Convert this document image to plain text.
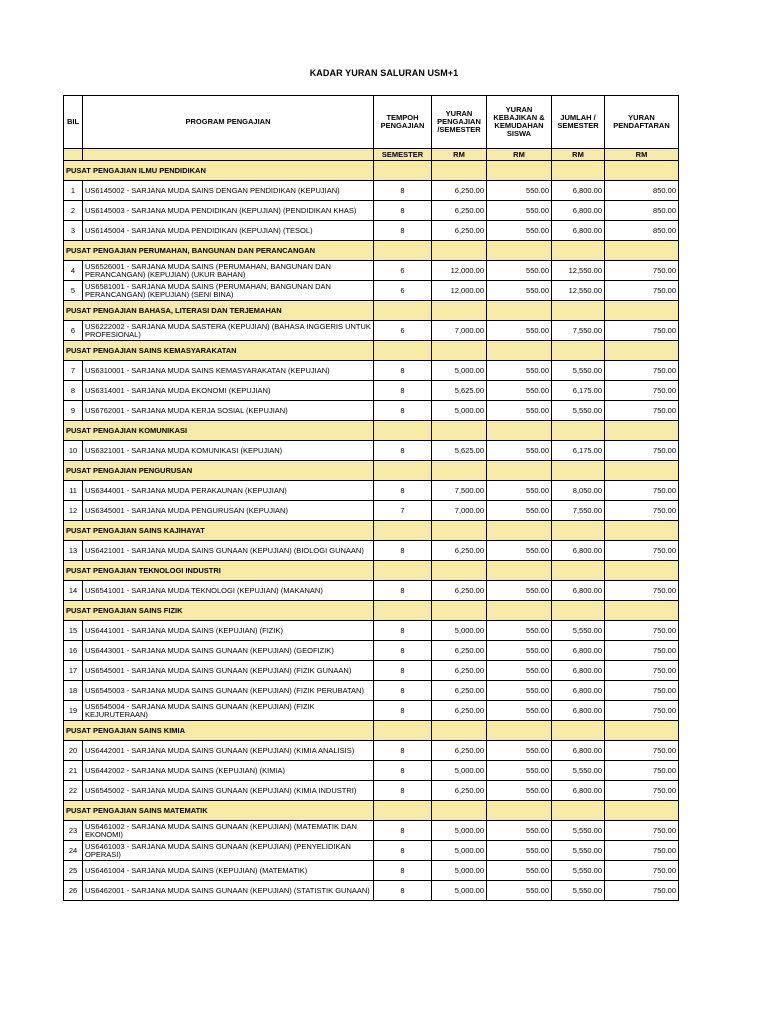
KADAR YURAN SALURAN USM+1
BIL	PROGRAM PENGAJIAN	TEMPOH PENGAJIAN	YURAN PENGAJIAN /SEMESTER	YURAN KEBAJIKAN & KEMUDAHAN SISWA	JUMLAH / SEMESTER	YURAN PENDAFTARAN
		SEMESTER	RM	RM	RM	RM
PUSAT PENGAJIAN ILMU PENDIDIKAN						
1	US6145002 - SARJANA MUDA SAINS DENGAN PENDIDIKAN (KEPUJIAN)	8	6,250.00	550.00	6,800.00	850.00
2	US6145003 - SARJANA MUDA PENDIDIKAN (KEPUJIAN) (PENDIDIKAN KHAS)	8	6,250.00	550.00	6,800.00	850.00
3	US6145004 - SARJANA MUDA PENDIDIKAN (KEPUJIAN) (TESOL)	8	6,250.00	550.00	6,800.00	850.00
PUSAT PENGAJIAN PERUMAHAN, BANGUNAN DAN PERANCANGAN						
4	US6526001 - SARJANA MUDA SAINS (PERUMAHAN, BANGUNAN DAN PERANCANGAN) (KEPUJIAN) (UKUR BAHAN)	6	12,000.00	550.00	12,550.00	750.00
5	US6581001 - SARJANA MUDA SAINS (PERUMAHAN, BANGUNAN DAN PERANCANGAN) (KEPUJIAN) (SENI BINA)	6	12,000.00	550.00	12,550.00	750.00
PUSAT PENGAJIAN BAHASA, LITERASI DAN TERJEMAHAN						
6	US6222002 - SARJANA MUDA SASTERA (KEPUJIAN) (BAHASA INGGERIS UNTUK PROFESIONAL)	6	7,000.00	550.00	7,550.00	750.00
PUSAT PENGAJIAN SAINS KEMASYARAKATAN						
7	US6310001 - SARJANA MUDA SAINS KEMASYARAKATAN (KEPUJIAN)	8	5,000.00	550.00	5,550.00	750.00
8	US6314001 - SARJANA MUDA EKONOMI (KEPUJIAN)	8	5,625.00	550.00	6,175.00	750.00
9	US6762001 - SARJANA MUDA KERJA SOSIAL (KEPUJIAN)	8	5,000.00	550.00	5,550.00	750.00
PUSAT PENGAJIAN KOMUNIKASI						
10	US6321001 - SARJANA MUDA KOMUNIKASI (KEPUJIAN)	8	5,625.00	550.00	6,175.00	750.00
PUSAT PENGAJIAN PENGURUSAN						
11	US6344001 - SARJANA MUDA PERAKAUNAN (KEPUJIAN)	8	7,500.00	550.00	8,050.00	750.00
12	US6345001 - SARJANA MUDA PENGURUSAN (KEPUJIAN)	7	7,000.00	550.00	7,550.00	750.00
PUSAT PENGAJIAN SAINS KAJIHAYAT						
13	US6421001 - SARJANA MUDA SAINS GUNAAN (KEPUJIAN) (BIOLOGI GUNAAN)	8	6,250.00	550.00	6,800.00	750.00
PUSAT PENGAJIAN TEKNOLOGI INDUSTRI						
14	US6541001 - SARJANA MUDA TEKNOLOGI (KEPUJIAN) (MAKANAN)	8	6,250.00	550.00	6,800.00	750.00
PUSAT PENGAJIAN SAINS FIZIK						
15	US6441001 - SARJANA MUDA SAINS (KEPUJIAN) (FIZIK)	8	5,000.00	550.00	5,550.00	750.00
16	US6443001 - SARJANA MUDA SAINS GUNAAN (KEPUJIAN) (GEOFIZIK)	8	6,250.00	550.00	6,800.00	750.00
17	US6545001 - SARJANA MUDA SAINS GUNAAN (KEPUJIAN) (FIZIK GUNAAN)	8	6,250.00	550.00	6,800.00	750.00
18	US6545003 - SARJANA MUDA SAINS GUNAAN (KEPUJIAN) (FIZIK PERUBATAN)	8	6,250.00	550.00	6,800.00	750.00
19	US6545004 - SARJANA MUDA SAINS GUNAAN (KEPUJIAN) (FIZIK KEJURUTERAAN)	8	6,250.00	550.00	6,800.00	750.00
PUSAT PENGAJIAN SAINS KIMIA						
20	US6442001 - SARJANA MUDA SAINS GUNAAN (KEPUJIAN) (KIMIA ANALISIS)	8	6,250.00	550.00	6,800.00	750.00
21	US6442002 - SARJANA MUDA SAINS (KEPUJIAN) (KIMIA)	8	5,000.00	550.00	5,550.00	750.00
22	US6545002 - SARJANA MUDA SAINS GUNAAN (KEPUJIAN) (KIMIA INDUSTRI)	8	6,250.00	550.00	6,800.00	750.00
PUSAT PENGAJIAN SAINS MATEMATIK						
23	US6461002 - SARJANA MUDA SAINS GUNAAN (KEPUJIAN) (MATEMATIK DAN EKONOMI)	8	5,000.00	550.00	5,550.00	750.00
24	US6461003 - SARJANA MUDA SAINS GUNAAN (KEPUJIAN) (PENYELIDIKAN OPERASI)	8	5,000.00	550.00	5,550.00	750.00
25	US6461004 - SARJANA MUDA SAINS (KEPUJIAN) (MATEMATIK)	8	5,000.00	550.00	5,550.00	750.00
26	US6462001 - SARJANA MUDA SAINS GUNAAN (KEPUJIAN) (STATISTIK GUNAAN)	8	5,000.00	550.00	5,550.00	750.00
